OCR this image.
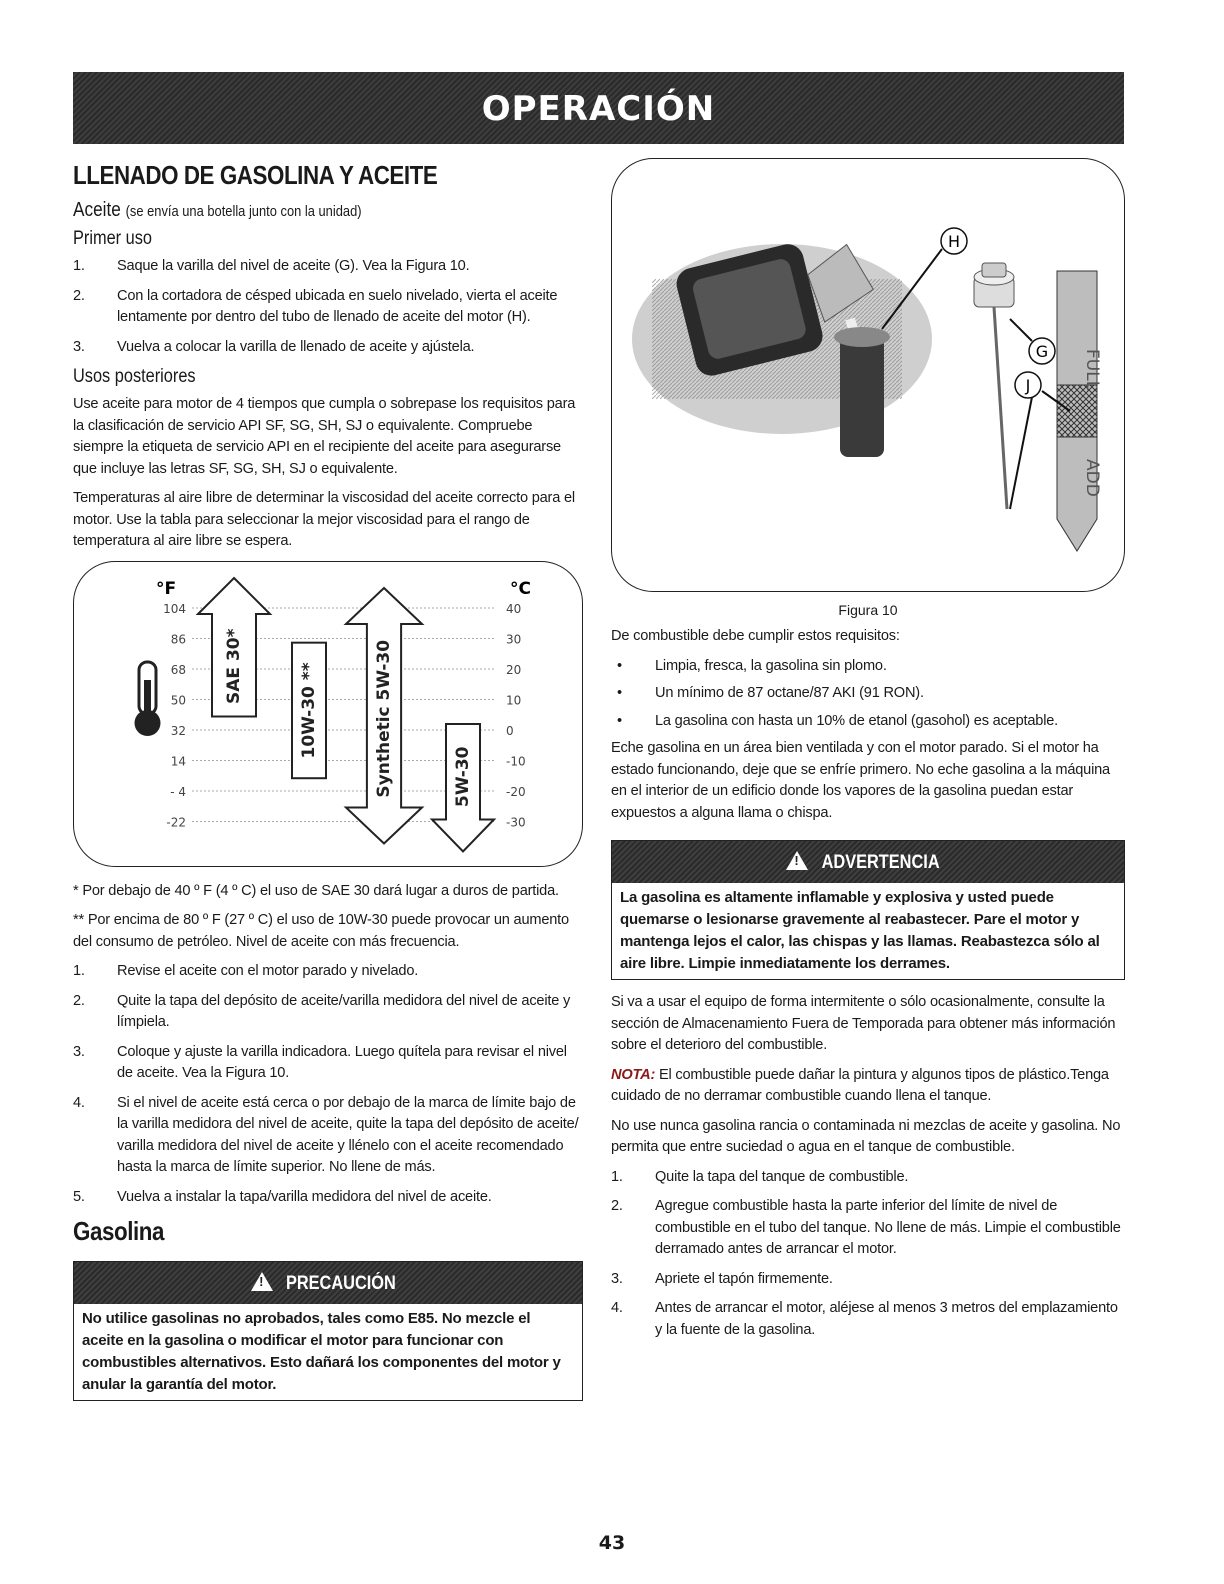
OPERACIÓN
LLENADO DE GASOLINA Y ACEITE
Aceite (se envía una botella junto con la unidad)
Primer uso
1. Saque la varilla del nivel de aceite (G). Vea la Figura 10.
2. Con la cortadora de césped ubicada en suelo nivelado, vierta el aceite lentamente por dentro del tubo de llenado de aceite del motor (H).
3. Vuelva a colocar la varilla de llenado de aceite y ajústela.
Usos posteriores

Use aceite para motor de 4 tiempos que cumpla o sobrepase los requisitos para la clasificación de servicio API SF, SG, SH, SJ o equivalente. Compruebe siempre la etiqueta de servicio API en el recipiente del aceite para asegurarse que incluye las letras SF, SG, SH, SJ o equivalente.

Temperaturas al aire libre de determinar la viscosidad del aceite correcto para el motor. Use la tabla para seleccionar la mejor viscosidad para el rango de temperatura al aire libre se espera.

°F	°C
SAE 30*	10W-30 **	Synthetic 5W-30	5W-30
104	40
86	30
68	20
50	10
32	0
14	-10
- 4	-20
-22	-30

* Por debajo de 40 º F (4 º C) el uso de SAE 30 dará lugar a duros de partida.

** Por encima de 80 º F (27 º C) el uso de 10W-30 puede provocar un aumento del consumo de petróleo. Nivel de aceite con más frecuencia.

1. Revise el aceite con el motor parado y nivelado.
2. Quite la tapa del depósito de aceite/varilla medidora del nivel de aceite y límpiela.
3. Coloque y ajuste la varilla indicadora. Luego quítela para revisar el nivel de aceite. Vea la Figura 10.
4. Si el nivel de aceite está cerca o por debajo de la marca de límite bajo de la varilla medidora del nivel de aceite, quite la tapa del depósito de aceite/ varilla medidora del nivel de aceite y llénelo con el aceite recomendado hasta la marca de límite superior. No llene de más.
5. Vuelva a instalar la tapa/varilla medidora del nivel de aceite.
Gasolina
! PRECAUCIÓN
No utilice gasolinas no aprobados, tales como E85. No mezcle el aceite en la gasolina o modificar el motor para funcionar con combustibles alternativos. Esto dañará los componentes del motor y anular la garantía del motor.
H
G FULL
ADD
J
Figura 10

De combustible debe cumplir estos requisitos:

• Limpia, fresca, la gasolina sin plomo.
• Un mínimo de 87 octane/87 AKI (91 RON).
• La gasolina con hasta un 10% de etanol (gasohol) es aceptable.

Eche gasolina en un área bien ventilada y con el motor parado. Si el motor ha estado funcionando, deje que se enfríe primero. No eche gasolina a la máquina en el interior de un edificio donde los vapores de la gasolina puedan estar expuestos a alguna llama o chispa.

! ADVERTENCIA
La gasolina es altamente inflamable y explosiva y usted puede quemarse o lesionarse gravemente al reabastecer. Pare el motor y mantenga lejos el calor, las chispas y las llamas. Reabastezca sólo al aire libre. Limpie inmediatamente los derrames.

Si va a usar el equipo de forma intermitente o sólo ocasionalmente, consulte la sección de Almacenamiento Fuera de Temporada para obtener más información sobre el deterioro del combustible.

NOTA: El combustible puede dañar la pintura y algunos tipos de plástico.Tenga cuidado de no derramar combustible cuando llena el tanque.

No use nunca gasolina rancia o contaminada ni mezclas de aceite y gasolina. No permita que entre suciedad o agua en el tanque de combustible.

1. Quite la tapa del tanque de combustible.
2. Agregue combustible hasta la parte inferior del límite de nivel de combustible en el tubo del tanque. No llene de más. Limpie el combustible derramado antes de arrancar el motor.
3. Apriete el tapón firmemente.
4. Antes de arrancar el motor, aléjese al menos 3 metros del emplazamiento y la fuente de la gasolina.
43
